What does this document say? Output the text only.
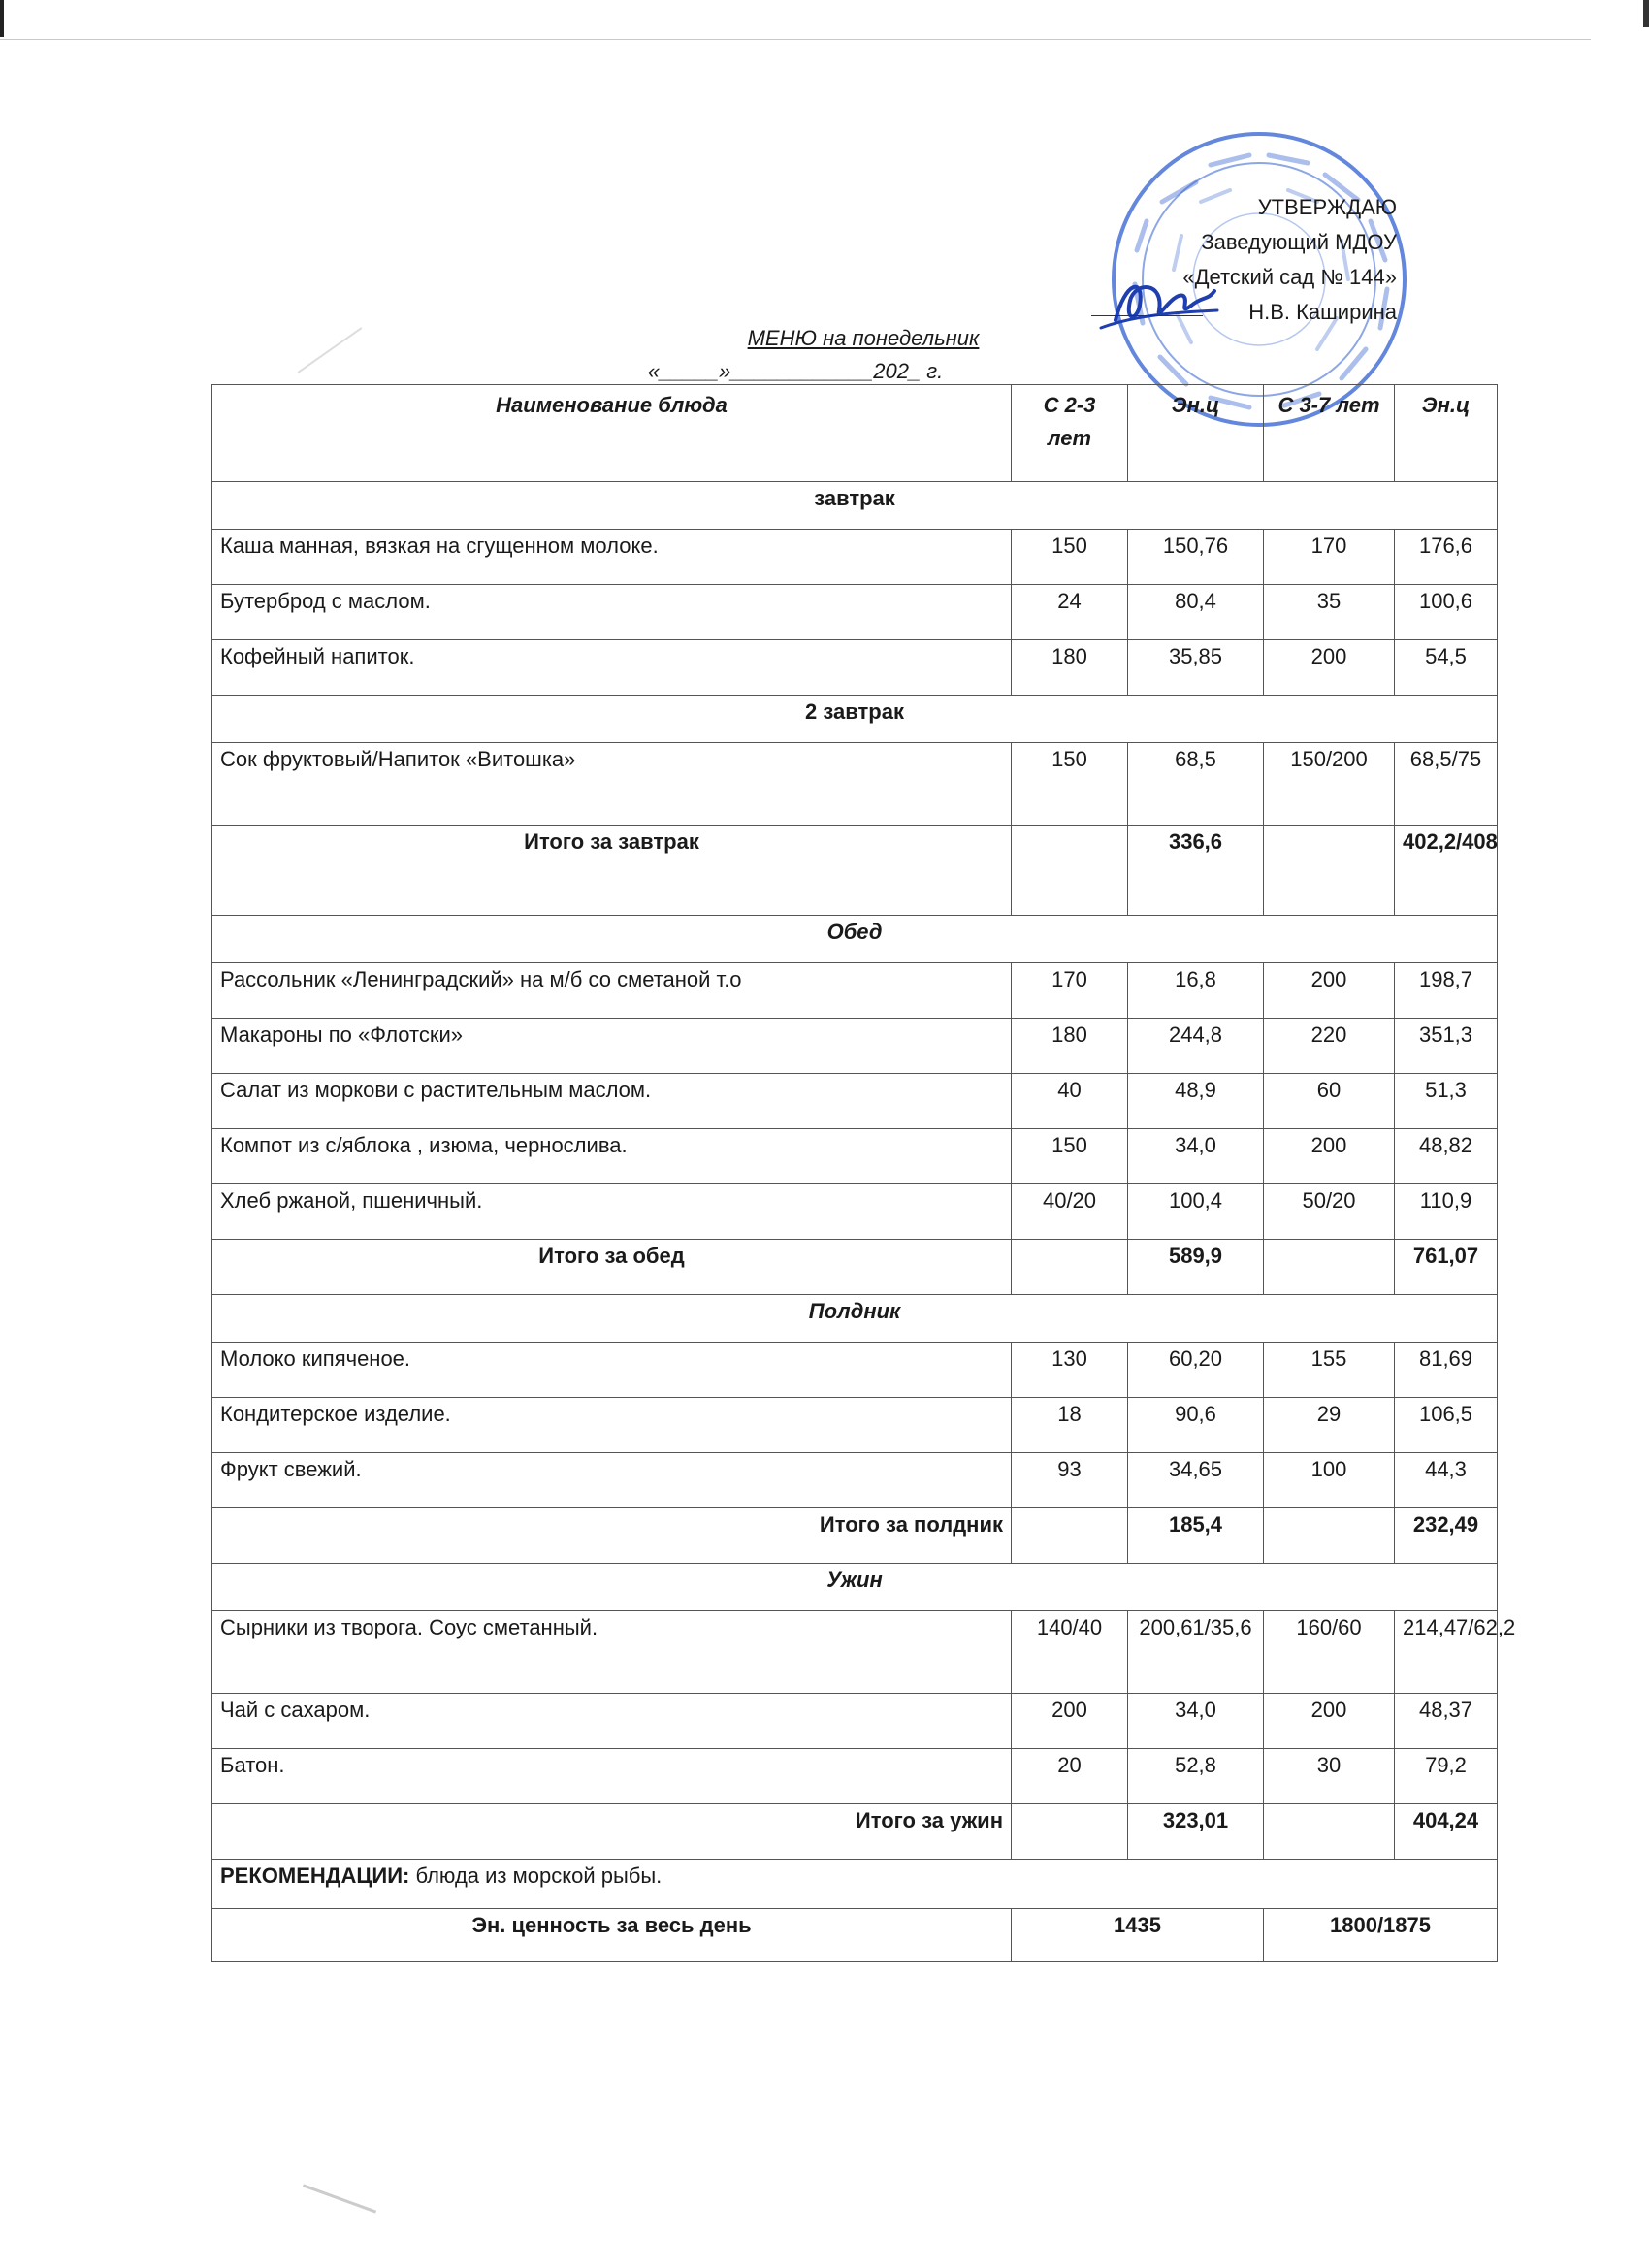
УТВЕРЖДАЮ
Заведующий МДОУ
«Детский сад № 144»
Н.В. Каширина
МЕНЮ на понедельник
«_____»____________202_ г.
Наименование блюда	С 2-3 лет	Эн.ц	С 3-7 лет	Эн.ц
завтрак				
Каша манная, вязкая на сгущенном молоке.	150	150,76	170	176,6
Бутерброд с маслом.	24	80,4	35	100,6
Кофейный напиток.	180	35,85	200	54,5
2 завтрак				
Сок фруктовый/Напиток «Витошка»	150	68,5	150/200	68,5/75
Итого за завтрак		336,6		402,2/408
Обед				
Рассольник «Ленинградский» на м/б со сметаной т.о	170	16,8	200	198,7
Макароны по «Флотски»	180	244,8	220	351,3
Салат из моркови с растительным маслом.	40	48,9	60	51,3
Компот из с/яблока , изюма, чернослива.	150	34,0	200	48,82
Хлеб ржаной, пшеничный.	40/20	100,4	50/20	110,9
Итого за обед		589,9		761,07
Полдник				
Молоко кипяченое.	130	60,20	155	81,69
Кондитерское изделие.	18	90,6	29	106,5
Фрукт свежий.	93	34,65	100	44,3
Итого за полдник		185,4		232,49
Ужин				
Сырники из творога. Соус сметанный.	140/40	200,61/35,6	160/60	214,47/62,2
Чай с сахаром.	200	34,0	200	48,37
Батон.	20	52,8	30	79,2
Итого за ужин		323,01		404,24
РЕКОМЕНДАЦИИ: блюда из морской рыбы.				
Эн. ценность за весь день	1435		1800/1875	
